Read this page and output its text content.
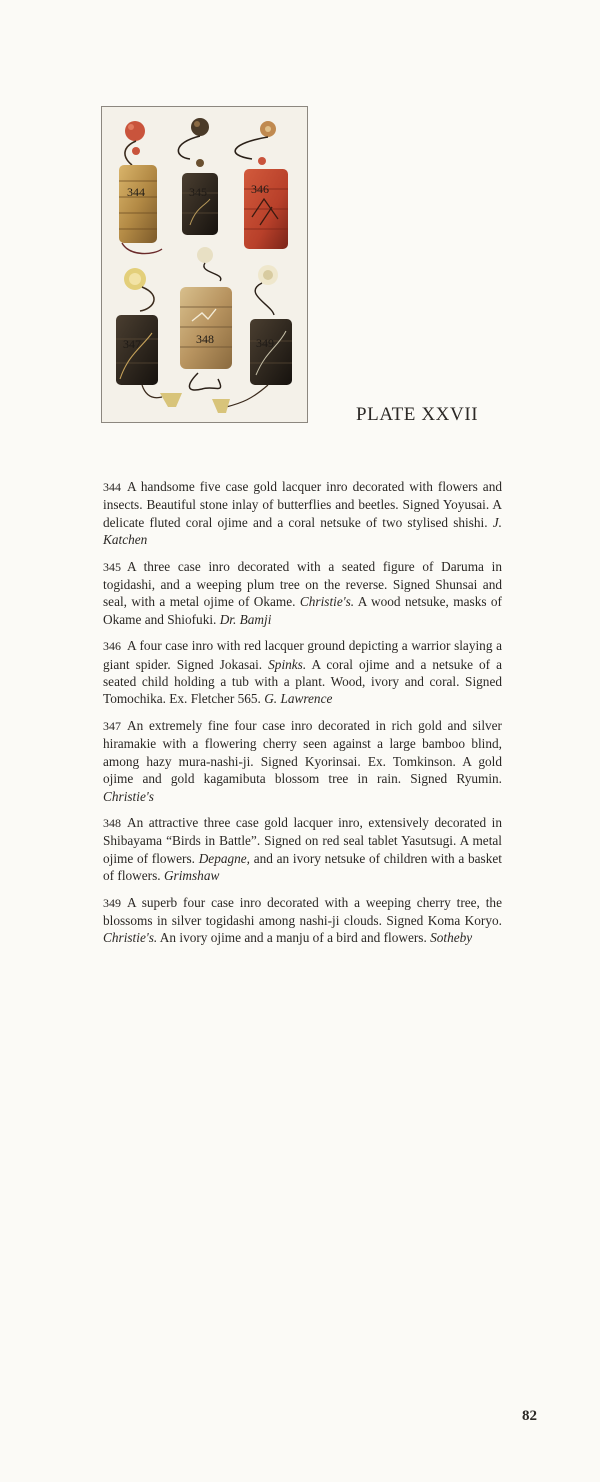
344	345	346
347	348	349
PLATE XXVII

344 A handsome five case gold lacquer inro decorated with flowers and insects. Beautiful stone inlay of butterflies and beetles. Signed Yoyusai. A delicate fluted coral ojime and a coral netsuke of two stylised shishi. J. Katchen

345 A three case inro decorated with a seated figure of Daruma in togidashi, and a weeping plum tree on the reverse. Signed Shunsai and seal, with a metal ojime of Okame. Christie's. A wood netsuke, masks of Okame and Shiofuki. Dr. Bamji

346 A four case inro with red lacquer ground depicting a warrior slaying a giant spider. Signed Jokasai. Spinks. A coral ojime and a netsuke of a seated child holding a tub with a plant. Wood, ivory and coral. Signed Tomochika. Ex. Fletcher 565. G. Lawrence

347 An extremely fine four case inro decorated in rich gold and silver hiramakie with a flowering cherry seen against a large bamboo blind, among hazy mura-nashi-ji. Signed Kyorinsai. Ex. Tomkinson. A gold ojime and gold kagamibuta blossom tree in rain. Signed Ryumin. Christie's

348 An attractive three case gold lacquer inro, extensively decorated in Shibayama “Birds in Battle”. Signed on red seal tablet Yasutsugi. A metal ojime of flowers. Depagne, and an ivory netsuke of children with a basket of flowers. Grimshaw

349 A superb four case inro decorated with a weeping cherry tree, the blossoms in silver togidashi among nashi-ji clouds. Signed Koma Koryo. Christie's. An ivory ojime and a manju of a bird and flowers. Sotheby

82
